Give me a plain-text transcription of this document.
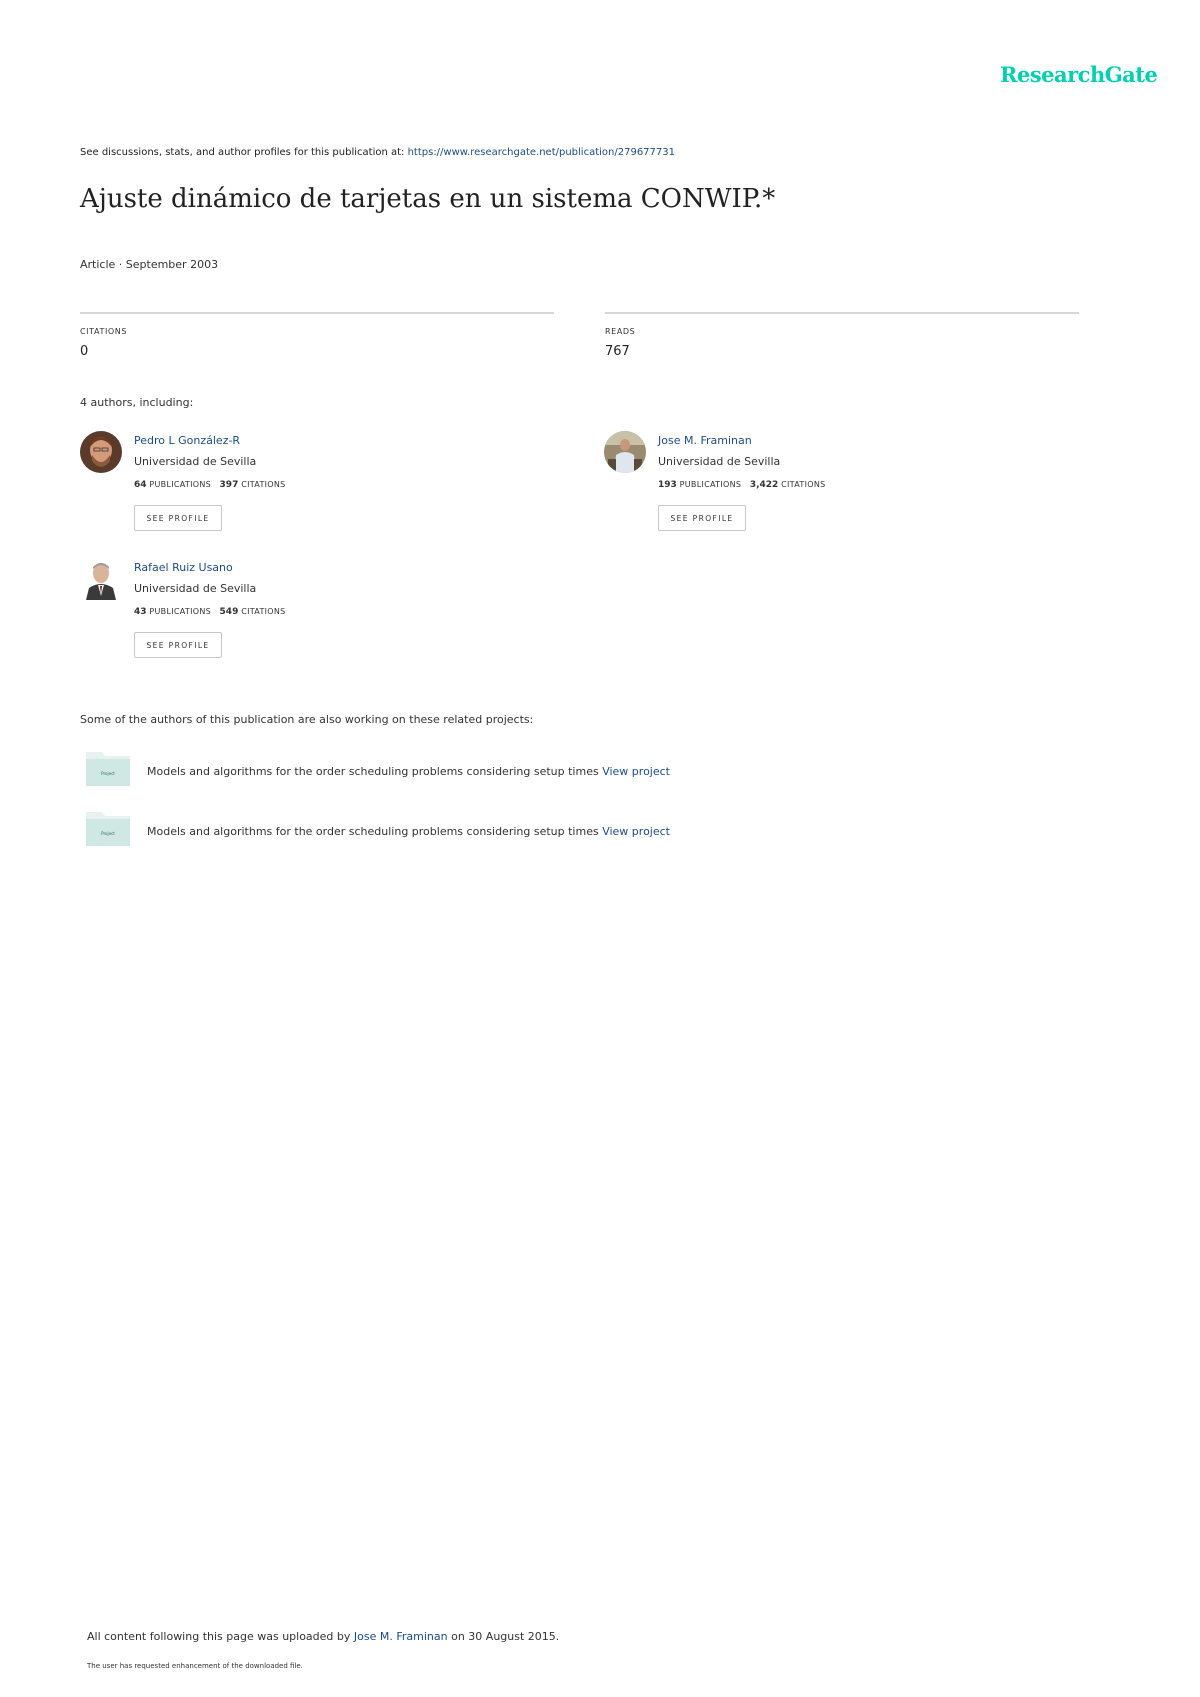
ResearchGate
See discussions, stats, and author profiles for this publication at: https://www.researchgate.net/publication/279677731
Ajuste dinámico de tarjetas en un sistema CONWIP.*
Article · September 2003
CITATIONS
0
READS
767
4 authors, including:
Pedro L González-R
Universidad de Sevilla
64 PUBLICATIONS 397 CITATIONS
SEE PROFILE
Jose M. Framinan
Universidad de Sevilla
193 PUBLICATIONS 3,422 CITATIONS
SEE PROFILE
Rafael Ruiz Usano
Universidad de Sevilla
43 PUBLICATIONS 549 CITATIONS
SEE PROFILE
Some of the authors of this publication are also working on these related projects:
Project	Models and algorithms for the order scheduling problems considering setup times View project
Project	Models and algorithms for the order scheduling problems considering setup times View project
All content following this page was uploaded by Jose M. Framinan on 30 August 2015.
The user has requested enhancement of the downloaded file.
